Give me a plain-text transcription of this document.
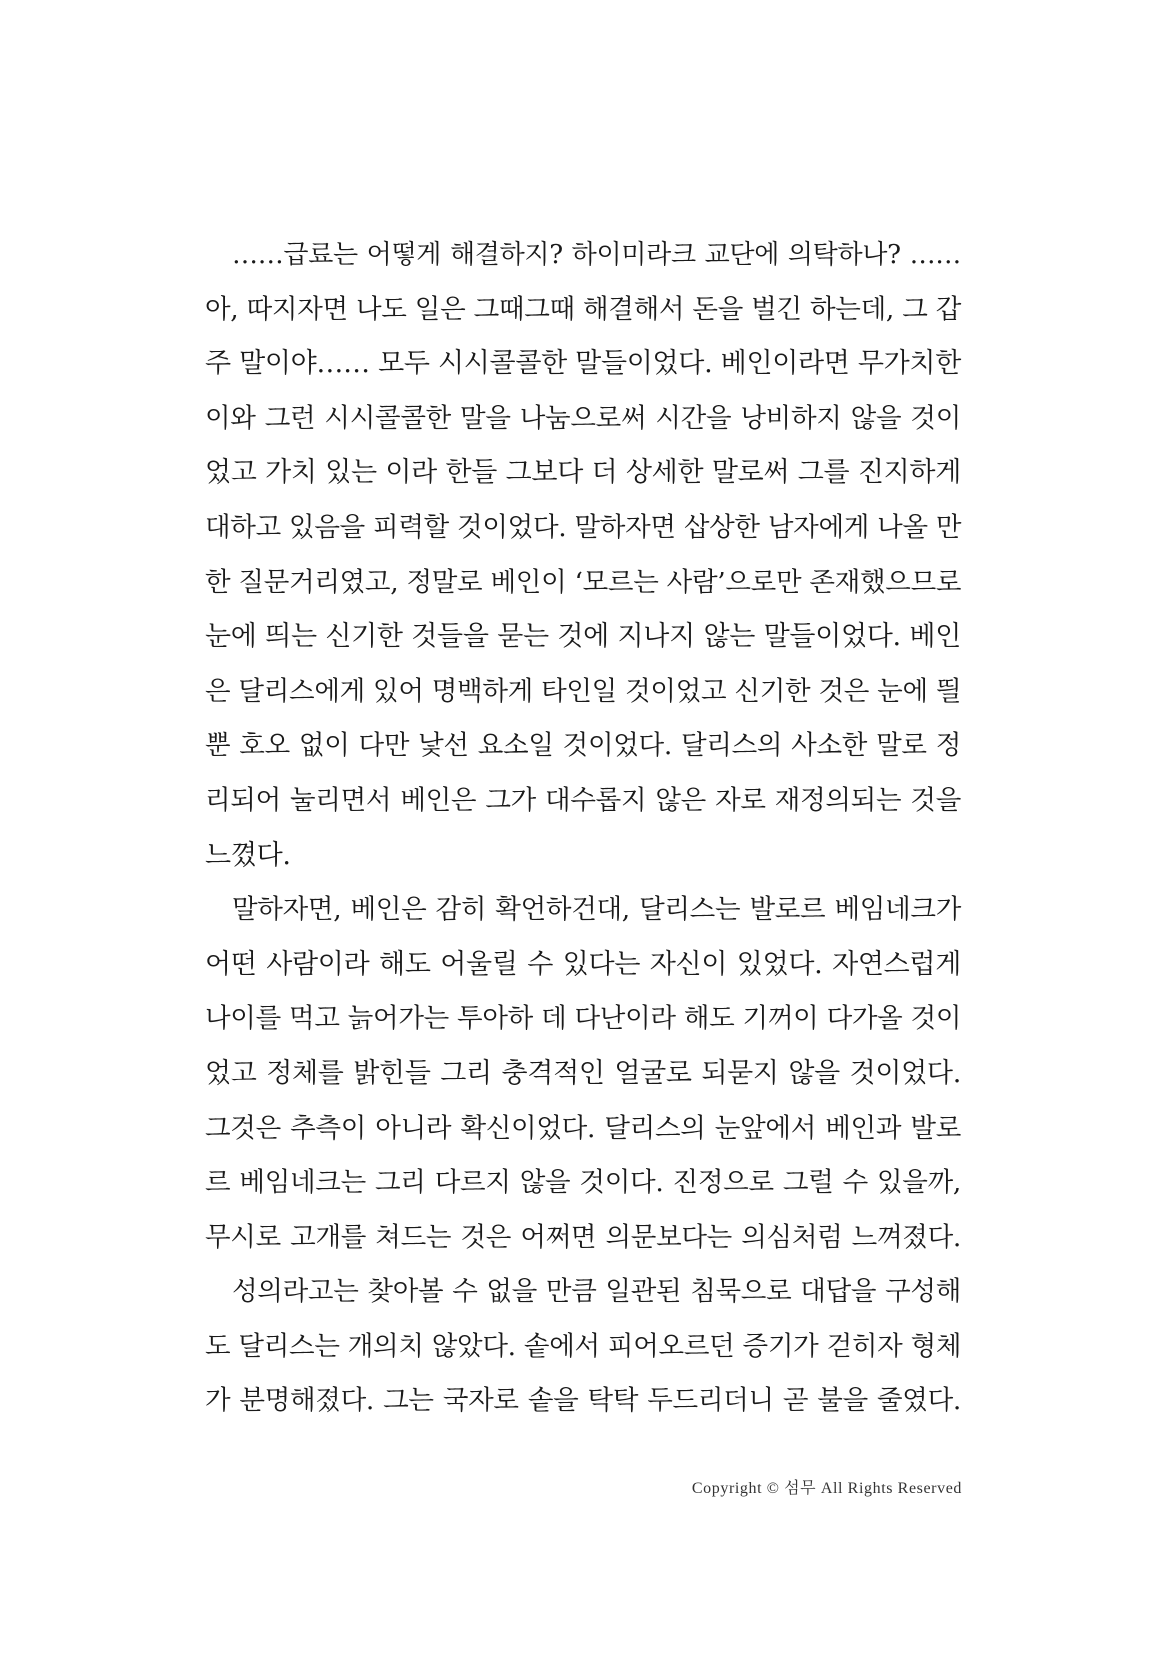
……급료는 어떻게 해결하지? 하이미라크 교단에 의탁하나? ……
아, 따지자면 나도 일은 그때그때 해결해서 돈을 벌긴 하는데, 그 갑
주 말이야…… 모두 시시콜콜한 말들이었다. 베인이라면 무가치한
이와 그런 시시콜콜한 말을 나눔으로써 시간을 낭비하지 않을 것이
었고 가치 있는 이라 한들 그보다 더 상세한 말로써 그를 진지하게
대하고 있음을 피력할 것이었다. 말하자면 삽상한 남자에게 나올 만
한 질문거리였고, 정말로 베인이 ‘모르는 사람’으로만 존재했으므로
눈에 띄는 신기한 것들을 묻는 것에 지나지 않는 말들이었다. 베인
은 달리스에게 있어 명백하게 타인일 것이었고 신기한 것은 눈에 띌
뿐 호오 없이 다만 낯선 요소일 것이었다. 달리스의 사소한 말로 정
리되어 눌리면서 베인은 그가 대수롭지 않은 자로 재정의되는 것을
느꼈다.
말하자면, 베인은 감히 확언하건대, 달리스는 발로르 베임네크가
어떤 사람이라 해도 어울릴 수 있다는 자신이 있었다. 자연스럽게
나이를 먹고 늙어가는 투아하 데 다난이라 해도 기꺼이 다가올 것이
었고 정체를 밝힌들 그리 충격적인 얼굴로 되묻지 않을 것이었다.
그것은 추측이 아니라 확신이었다. 달리스의 눈앞에서 베인과 발로
르 베임네크는 그리 다르지 않을 것이다. 진정으로 그럴 수 있을까,
무시로 고개를 쳐드는 것은 어쩌면 의문보다는 의심처럼 느껴졌다.
성의라고는 찾아볼 수 없을 만큼 일관된 침묵으로 대답을 구성해
도 달리스는 개의치 않았다. 솥에서 피어오르던 증기가 걷히자 형체
가 분명해졌다. 그는 국자로 솥을 탁탁 두드리더니 곧 불을 줄였다.
Copyright © 섬무 All Rights Reserved
